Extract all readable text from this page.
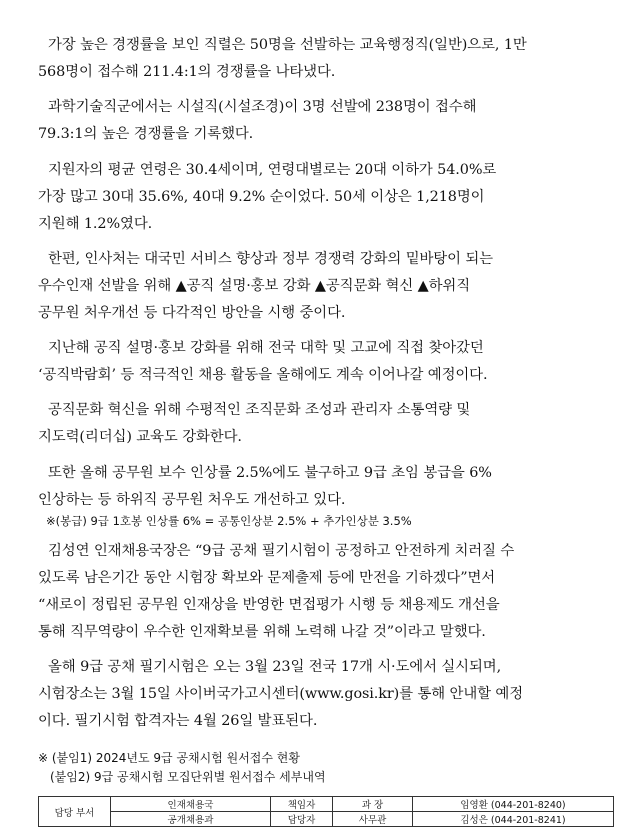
가장 높은 경쟁률을 보인 직렬은 50명을 선발하는 교육행정직(일반)으로, 1만
568명이 접수해 211.4:1의 경쟁률을 나타냈다.
과학기술직군에서는 시설직(시설조경)이 3명 선발에 238명이 접수해
79.3:1의 높은 경쟁률을 기록했다.
지원자의 평균 연령은 30.4세이며, 연령대별로는 20대 이하가 54.0%로
가장 많고 30대 35.6%, 40대 9.2% 순이었다. 50세 이상은 1,218명이
지원해 1.2%였다.
한편, 인사처는 대국민 서비스 향상과 정부 경쟁력 강화의 밑바탕이 되는
우수인재 선발을 위해 ▲공직 설명·홍보 강화 ▲공직문화 혁신 ▲하위직
공무원 처우개선 등 다각적인 방안을 시행 중이다.
지난해 공직 설명·홍보 강화를 위해 전국 대학 및 고교에 직접 찾아갔던
‘공직박람회’ 등 적극적인 채용 활동을 올해에도 계속 이어나갈 예정이다.
공직문화 혁신을 위해 수평적인 조직문화 조성과 관리자 소통역량 및
지도력(리더십) 교육도 강화한다.
또한 올해 공무원 보수 인상률 2.5%에도 불구하고 9급 초임 봉급을 6%
인상하는 등 하위직 공무원 처우도 개선하고 있다.
※(봉급) 9급 1호봉 인상률 6% = 공통인상분 2.5% + 추가인상분 3.5%
김성연 인재채용국장은 “9급 공채 필기시험이 공정하고 안전하게 치러질 수
있도록 남은기간 동안 시험장 확보와 문제출제 등에 만전을 기하겠다”면서
“새로이 정립된 공무원 인재상을 반영한 면접평가 시행 등 채용제도 개선을
통해 직무역량이 우수한 인재확보를 위해 노력해 나갈 것”이라고 말했다.
올해 9급 공채 필기시험은 오는 3월 23일 전국 17개 시·도에서 실시되며,
시험장소는 3월 15일 사이버국가고시센터(www.gosi.kr)를 통해 안내할 예정
이다. 필기시험 합격자는 4월 26일 발표된다.
※ (붙임1) 2024년도 9급 공채시험 원서접수 현황
(붙임2) 9급 공채시험 모집단위별 원서접수 세부내역
담당 부서	인재채용국	책임자	과 장	임영환 (044-201-8240)
	공개채용과	담당자	사무관	김성은 (044-201-8241)
